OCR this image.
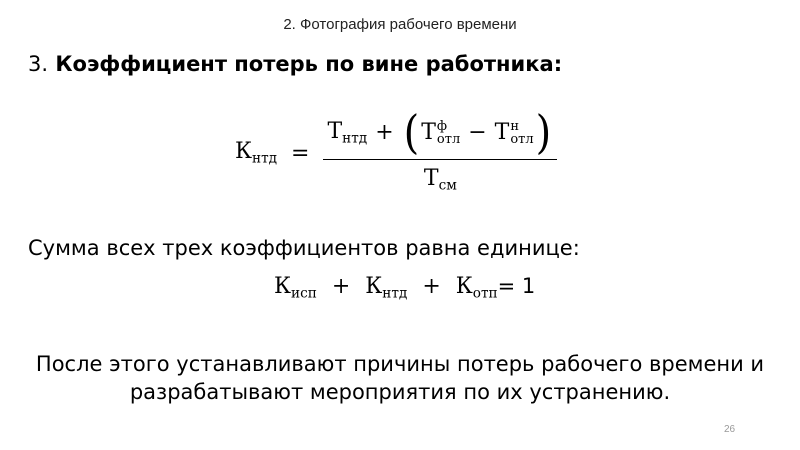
2. Фотография рабочего времени
3. Коэффициент потерь по вине работника:
$К_{нтд} = Т_{нтд}$ + ( Т ф
отл − Т н
отл )
$Т_{см}$
Сумма всех трех коэффициентов равна единице:
$К_{исп} + К_{нтд} + К_{отп}= 1$
После этого устанавливают причины потерь рабочего времени и
разрабатывают мероприятия по их устранению.
26
